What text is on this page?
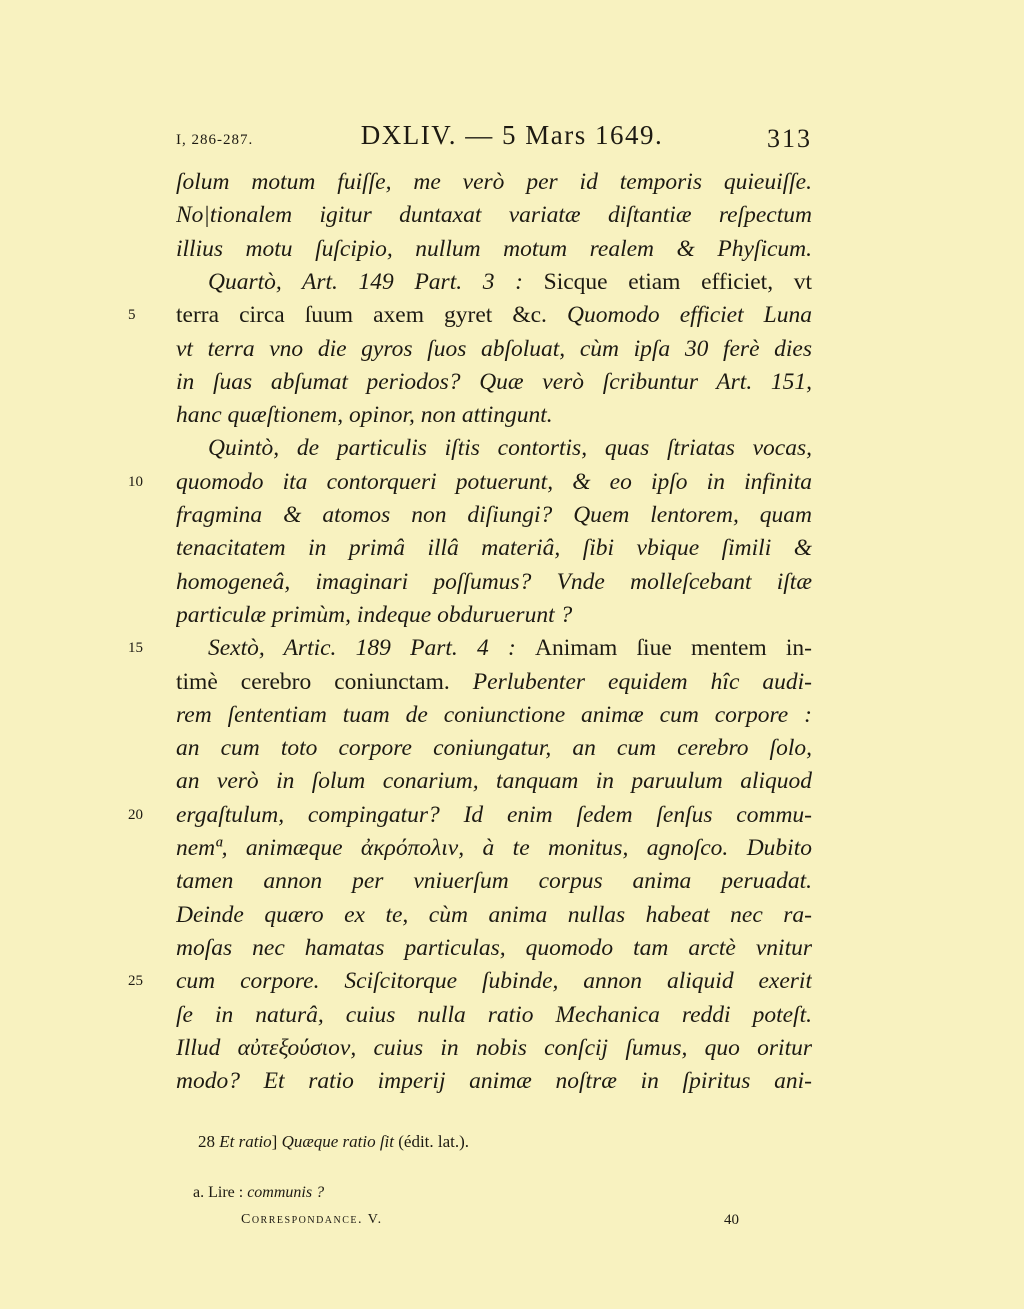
I, 286-287.	DXLIV. — 5 Mars 1649.	313
ſolum motum fuiſſe, me verò per id temporis quieuiſſe.
No|tionalem igitur duntaxat variatæ diſtantiæ reſpectum
illius motu ſuſcipio, nullum motum realem & Phyſicum.
Quartò, Art. 149 Part. 3 : Sicque etiam efficiet, vt
terra circa ſuum axem gyret &c. Quomodo efficiet Luna
vt terra vno die gyros ſuos abſoluat, cùm ipſa 30 ferè dies
in ſuas abſumat periodos? Quæ verò ſcribuntur Art. 151,
hanc quæſtionem, opinor, non attingunt.
Quintò, de particulis iſtis contortis, quas ſtriatas vocas,
quomodo ita contorqueri potuerunt, & eo ipſo in infinita
fragmina & atomos non diſiungi? Quem lentorem, quam
tenacitatem in primâ illâ materiâ, ſibi vbique ſimili &
homogeneâ, imaginari poſſumus? Vnde molleſcebant iſtæ
particulæ primùm, indeque obduruerunt ?
Sextò, Artic. 189 Part. 4 : Animam ſiue mentem in-
timè cerebro coniunctam. Perlubenter equidem hîc audi-
rem ſententiam tuam de coniunctione animæ cum corpore :
an cum toto corpore coniungatur, an cum cerebro ſolo,
an verò in ſolum conarium, tanquam in paruulum aliquod
ergaſtulum, compingatur? Id enim ſedem ſenſus commu-
nemª, animæque ἀκρόπολιν, à te monitus, agnoſco. Dubito
tamen annon per vniuerſum corpus anima peruadat.
Deinde quæro ex te, cùm anima nullas habeat nec ra-
moſas nec hamatas particulas, quomodo tam arctè vnitur
cum corpore. Sciſcitorque ſubinde, annon aliquid exerit
ſe in naturâ, cuius nulla ratio Mechanica reddi poteſt.
Illud αὐτεξούσιον, cuius in nobis conſcij ſumus, quo oritur
modo? Et ratio imperij animæ noſtræ in ſpiritus ani-
5
10
15
20
25
28 Et ratio] Quæque ratio ſit (édit. lat.).
a. Lire : communis ?
Correspondance. V.	40
